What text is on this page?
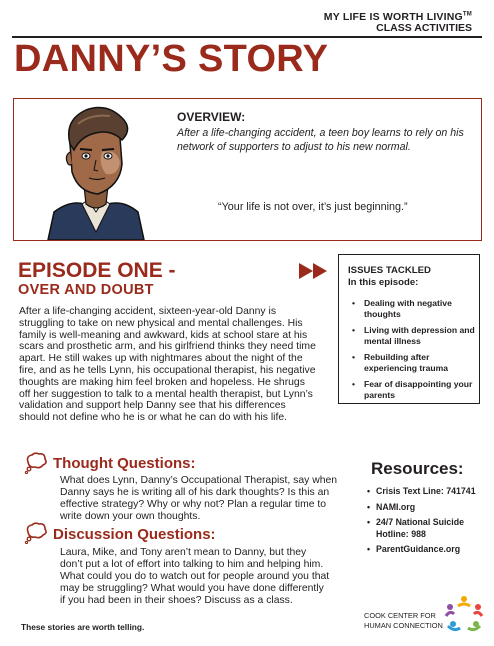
MY LIFE IS WORTH LIVING™
CLASS ACTIVITIES
DANNY’S STORY
OVERVIEW:
After a life-changing accident, a teen boy learns to rely on his network of supporters to adjust to his new normal.
“Your life is not over, it’s just beginning.”
EPISODE ONE -
OVER AND DOUBT
After a life-changing accident, sixteen-year-old Danny is struggling to take on new physical and mental challenges. His family is well-meaning and awkward, kids at school stare at his scars and prosthetic arm, and his girlfriend thinks they need time apart. He still wakes up with nightmares about the night of the fire, and as he tells Lynn, his occupational therapist, his negative thoughts are making him feel broken and hopeless. He shrugs off her suggestion to talk to a mental health therapist, but Lynn’s validation and support help Danny see that his differences should not define who he is or what he can do with his life.
ISSUES TACKLED
In this episode:
• Dealing with negative thoughts
• Living with depression and mental illness
• Rebuilding after experiencing trauma
• Fear of disappointing your parents
Thought Questions:
What does Lynn, Danny’s Occupational Therapist, say when Danny says he is writing all of his dark thoughts? Is this an effective strategy? Why or why not? Plan a regular time to write down your own thoughts.
Discussion Questions:
Laura, Mike, and Tony aren’t mean to Danny, but they don’t put a lot of effort into talking to him and helping him. What could you do to watch out for people around you that may be struggling? What would you have done differently if you had been in their shoes? Discuss as a class.
Resources:
• Crisis Text Line: 741741
• NAMI.org
• 24/7 National Suicide Hotline: 988
• ParentGuidance.org
These stories are worth telling.
COOK CENTER FOR HUMAN CONNECTION
